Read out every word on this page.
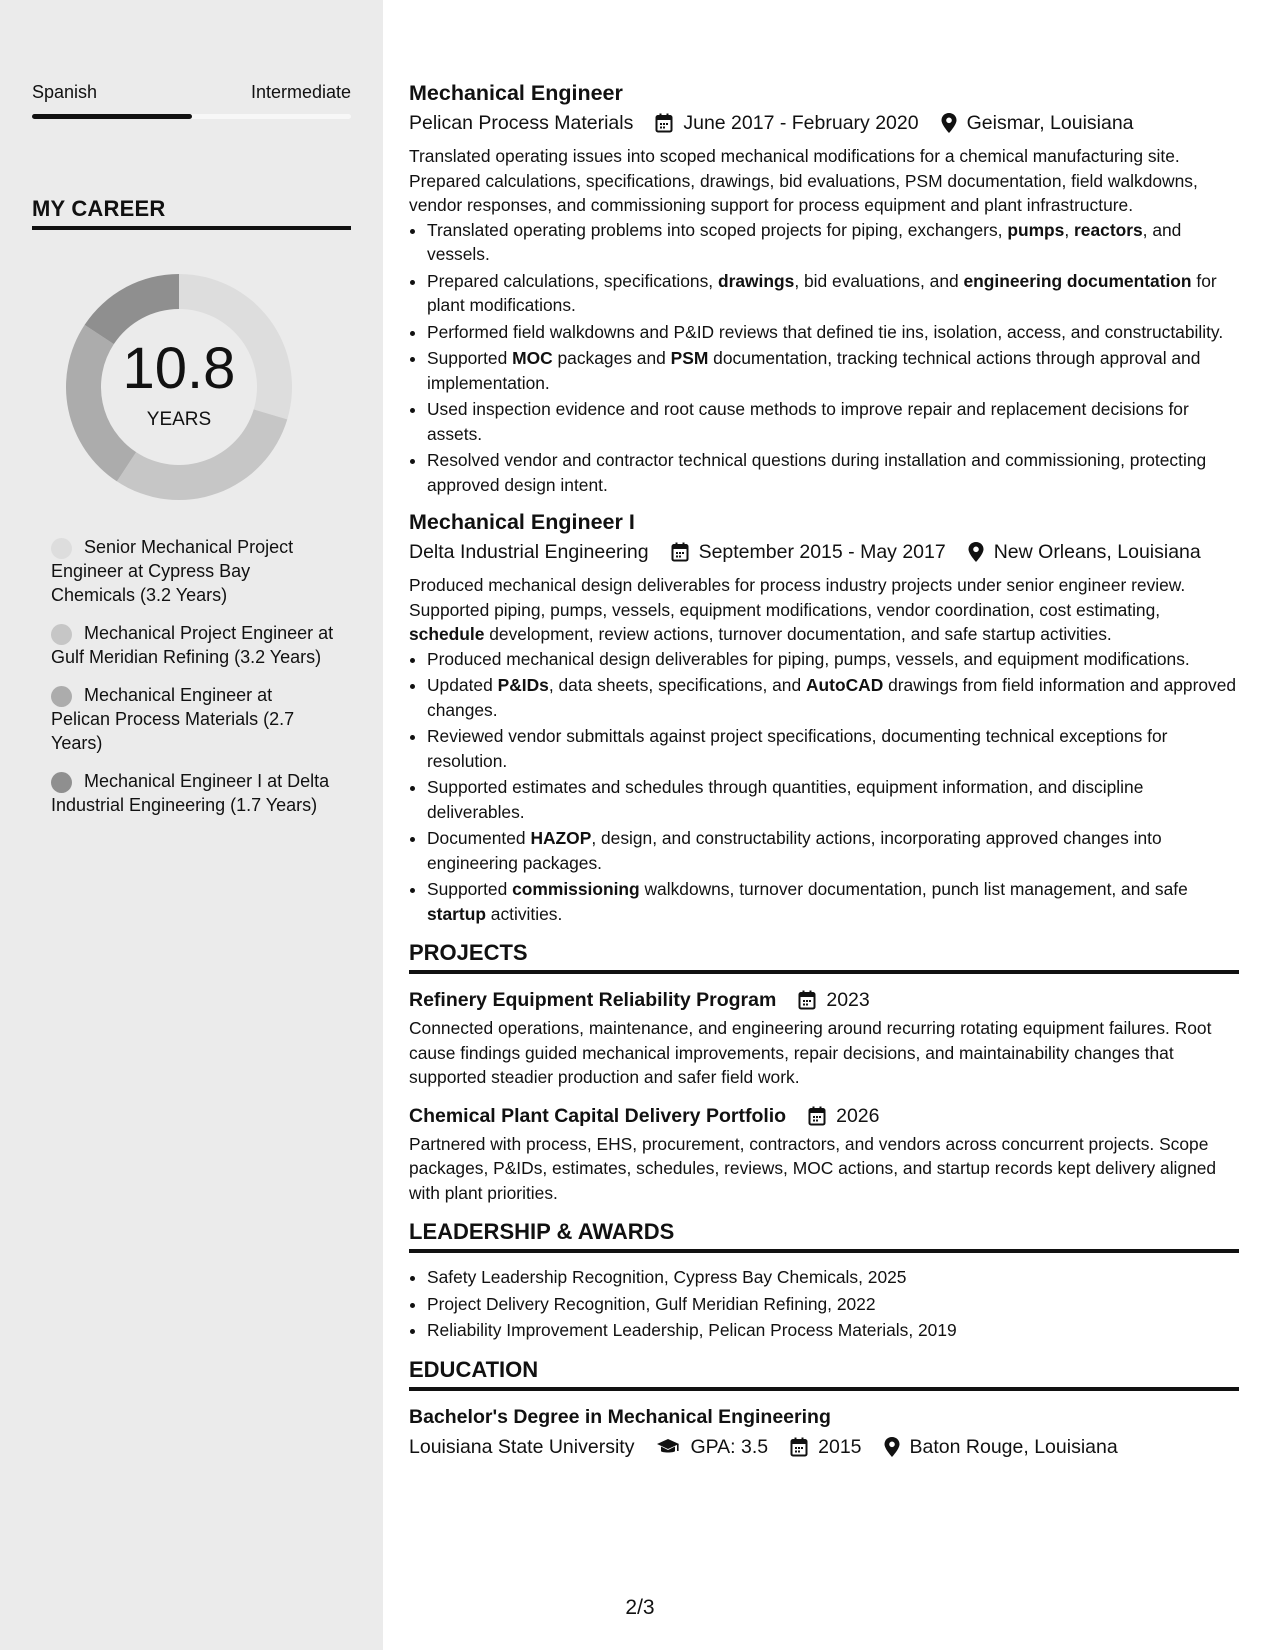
Spanish	Intermediate
MY CAREER
10.8
YEARS
Senior Mechanical Project Engineer at Cypress Bay Chemicals (3.2 Years)
Mechanical Project Engineer at Gulf Meridian Refining (3.2 Years)
Mechanical Engineer at Pelican Process Materials (2.7 Years)
Mechanical Engineer I at Delta Industrial Engineering (1.7 Years)
Mechanical Engineer
Pelican Process Materials	June 2017 - February 2020 Geismar, Louisiana

Translated operating issues into scoped mechanical modifications for a chemical manufacturing site. Prepared calculations, specifications, drawings, bid evaluations, PSM documentation, field walkdowns, vendor responses, and commissioning support for process equipment and plant infrastructure.

• Translated operating problems into scoped projects for piping, exchangers, pumps, reactors, and vessels.
• Prepared calculations, specifications, drawings, bid evaluations, and engineering documentation for plant modifications.
• Performed field walkdowns and P&ID reviews that defined tie ins, isolation, access, and constructability.
• Supported MOC packages and PSM documentation, tracking technical actions through approval and implementation.
• Used inspection evidence and root cause methods to improve repair and replacement decisions for assets.
• Resolved vendor and contractor technical questions during installation and commissioning, protecting approved design intent.
Mechanical Engineer I
Delta Industrial Engineering	September 2015 - May 2017 New Orleans, Louisiana

Produced mechanical design deliverables for process industry projects under senior engineer review. Supported piping, pumps, vessels, equipment modifications, vendor coordination, cost estimating, schedule development, review actions, turnover documentation, and safe startup activities.

• Produced mechanical design deliverables for piping, pumps, vessels, and equipment modifications.
• Updated P&IDs, data sheets, specifications, and AutoCAD drawings from field information and approved changes.
• Reviewed vendor submittals against project specifications, documenting technical exceptions for resolution.
• Supported estimates and schedules through quantities, equipment information, and discipline deliverables.
• Documented HAZOP, design, and constructability actions, incorporating approved changes into engineering packages.
• Supported commissioning walkdowns, turnover documentation, punch list management, and safe startup activities.
PROJECTS
Refinery Equipment Reliability Program	2023

Connected operations, maintenance, and engineering around recurring rotating equipment failures. Root cause findings guided mechanical improvements, repair decisions, and maintainability changes that supported steadier production and safer field work.

Chemical Plant Capital Delivery Portfolio	2026

Partnered with process, EHS, procurement, contractors, and vendors across concurrent projects. Scope packages, P&IDs, estimates, schedules, reviews, MOC actions, and startup records kept delivery aligned with plant priorities.

LEADERSHIP & AWARDS
• Safety Leadership Recognition, Cypress Bay Chemicals, 2025
• Project Delivery Recognition, Gulf Meridian Refining, 2022
• Reliability Improvement Leadership, Pelican Process Materials, 2019
EDUCATION
Bachelor's Degree in Mechanical Engineering
Louisiana State University	GPA: 3.5	2015 Baton Rouge, Louisiana
2/3
